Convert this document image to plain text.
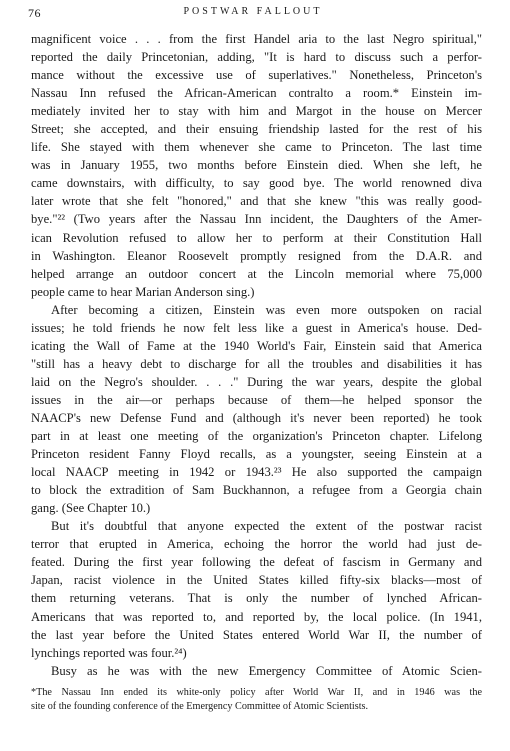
76	POSTWAR FALLOUT
magnificent voice . . . from the first Handel aria to the last Negro spiritual,"
reported the daily Princetonian, adding, "It is hard to discuss such a perfor-
mance without the excessive use of superlatives." Nonetheless, Princeton's
Nassau Inn refused the African-American contralto a room.* Einstein im-
mediately invited her to stay with him and Margot in the house on Mercer
Street; she accepted, and their ensuing friendship lasted for the rest of his
life. She stayed with them whenever she came to Princeton. The last time
was in January 1955, two months before Einstein died. When she left, he
came downstairs, with difficulty, to say good bye. The world renowned diva
later wrote that she felt "honored," and that she knew "this was really good-
bye."²² (Two years after the Nassau Inn incident, the Daughters of the Amer-
ican Revolution refused to allow her to perform at their Constitution Hall
in Washington. Eleanor Roosevelt promptly resigned from the D.A.R. and
helped arrange an outdoor concert at the Lincoln memorial where 75,000
people came to hear Marian Anderson sing.)
After becoming a citizen, Einstein was even more outspoken on racial
issues; he told friends he now felt less like a guest in America's house. Ded-
icating the Wall of Fame at the 1940 World's Fair, Einstein said that America
"still has a heavy debt to discharge for all the troubles and disabilities it has
laid on the Negro's shoulder. . . ." During the war years, despite the global
issues in the air—or perhaps because of them—he helped sponsor the
NAACP's new Defense Fund and (although it's never been reported) he took
part in at least one meeting of the organization's Princeton chapter. Lifelong
Princeton resident Fanny Floyd recalls, as a youngster, seeing Einstein at a
local NAACP meeting in 1942 or 1943.²³ He also supported the campaign
to block the extradition of Sam Buckhannon, a refugee from a Georgia chain
gang. (See Chapter 10.)
But it's doubtful that anyone expected the extent of the postwar racist
terror that erupted in America, echoing the horror the world had just de-
feated. During the first year following the defeat of fascism in Germany and
Japan, racist violence in the United States killed fifty-six blacks—most of
them returning veterans. That is only the number of lynched African-
Americans that was reported to, and reported by, the local police. (In 1941,
the last year before the United States entered World War II, the number of
lynchings reported was four.²⁴)
Busy as he was with the new Emergency Committee of Atomic Scien-
*The Nassau Inn ended its white-only policy after World War II, and in 1946 was the
site of the founding conference of the Emergency Committee of Atomic Scientists.
